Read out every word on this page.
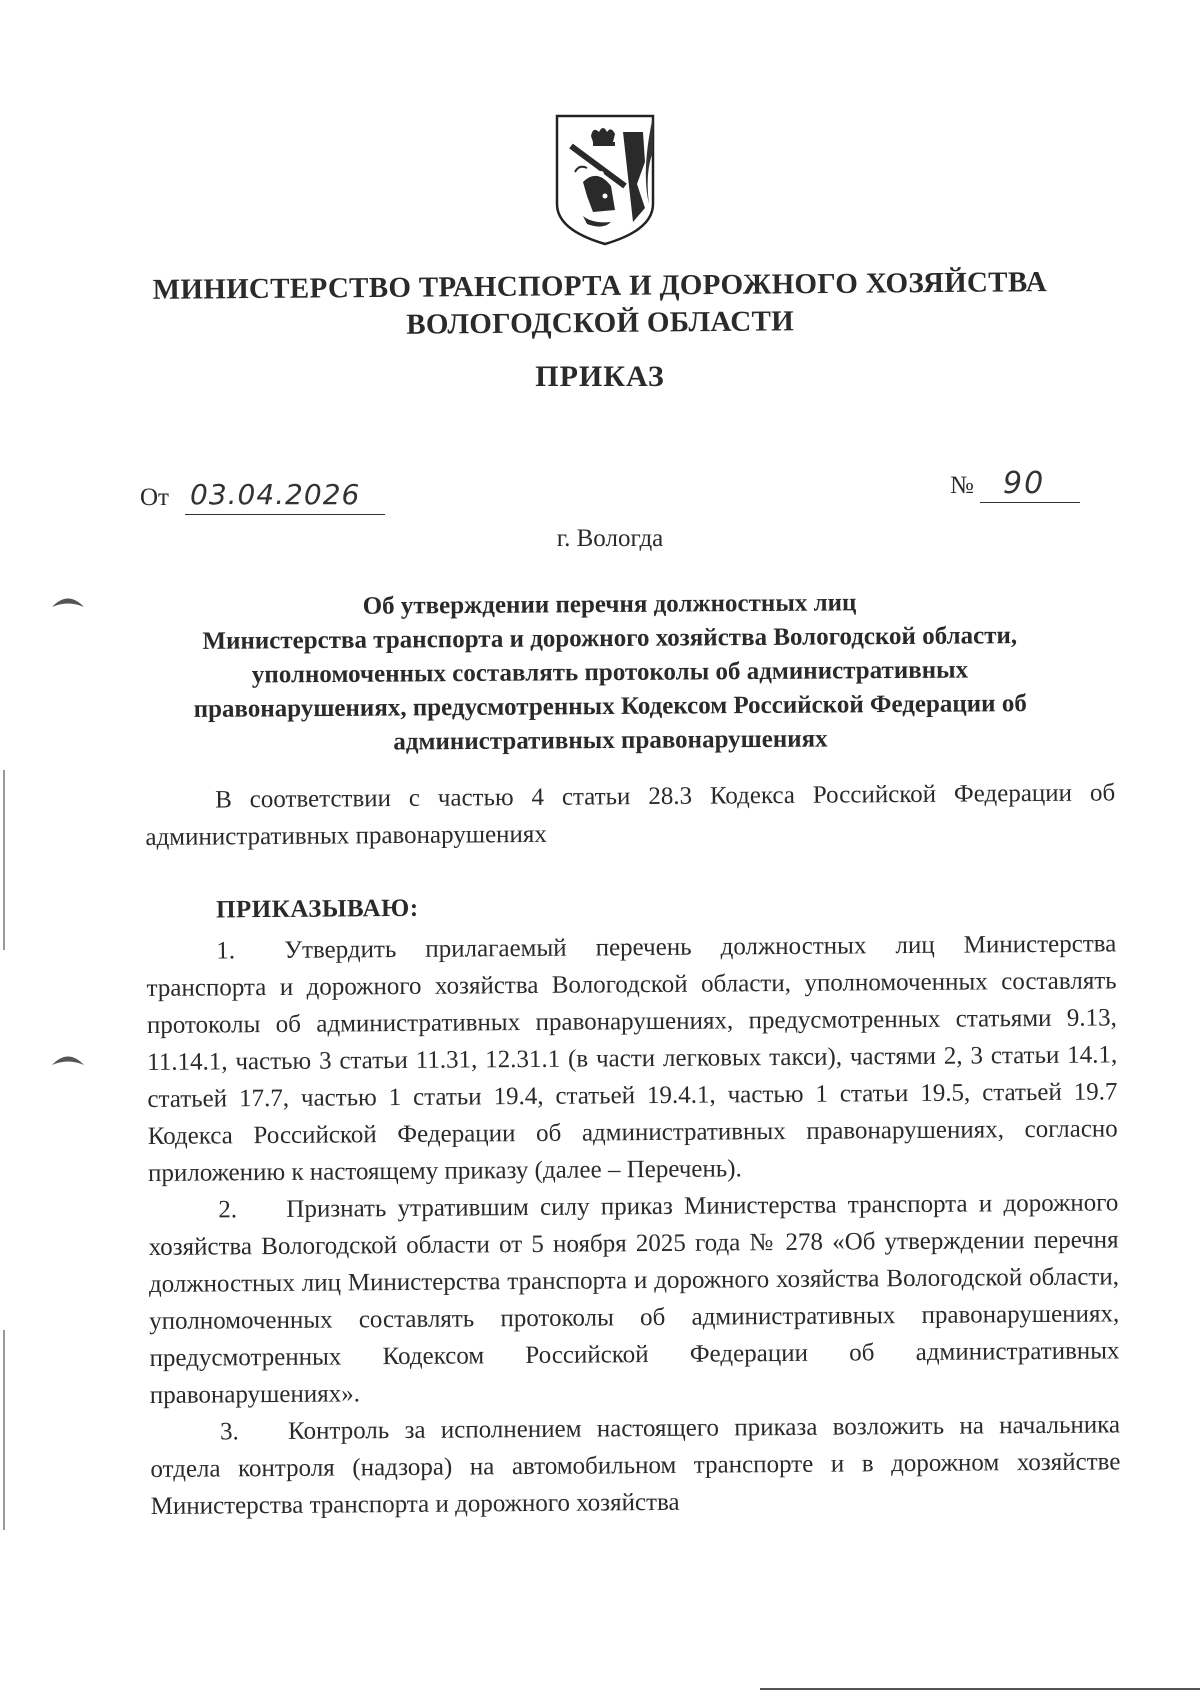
МИНИСТЕРСТВО ТРАНСПОРТА И ДОРОЖНОГО ХОЗЯЙСТВА
ВОЛОГОДСКОЙ ОБЛАСТИ
ПРИКАЗ
От 03.04.2026	№ 90
г. Вологда
Об утверждении перечня должностных лиц
Министерства транспорта и дорожного хозяйства Вологодской области,
уполномоченных составлять протоколы об административных
правонарушениях, предусмотренных Кодексом Российской Федерации об
административных правонарушениях

В соответствии с частью 4 статьи 28.3 Кодекса Российской Федерации об административных правонарушениях

ПРИКАЗЫВАЮ:

1. Утвердить прилагаемый перечень должностных лиц Министерства транспорта и дорожного хозяйства Вологодской области, уполномоченных составлять протоколы об административных правонарушениях, предусмотренных статьями 9.13, 11.14.1, частью 3 статьи 11.31, 12.31.1 (в части легковых такси), частями 2, 3 статьи 14.1, статьей 17.7, частью 1 статьи 19.4, статьей 19.4.1, частью 1 статьи 19.5, статьей 19.7 Кодекса Российской Федерации об административных правонарушениях, согласно приложению к настоящему приказу (далее – Перечень).

2. Признать утратившим силу приказ Министерства транспорта и дорожного хозяйства Вологодской области от 5 ноября 2025 года № 278 «Об утверждении перечня должностных лиц Министерства транспорта и дорожного хозяйства Вологодской области, уполномоченных составлять протоколы об административных правонарушениях, предусмотренных Кодексом Российской Федерации об административных правонарушениях».

3. Контроль за исполнением настоящего приказа возложить на начальника отдела контроля (надзора) на автомобильном транспорте и в дорожном хозяйстве Министерства транспорта и дорожного хозяйства
